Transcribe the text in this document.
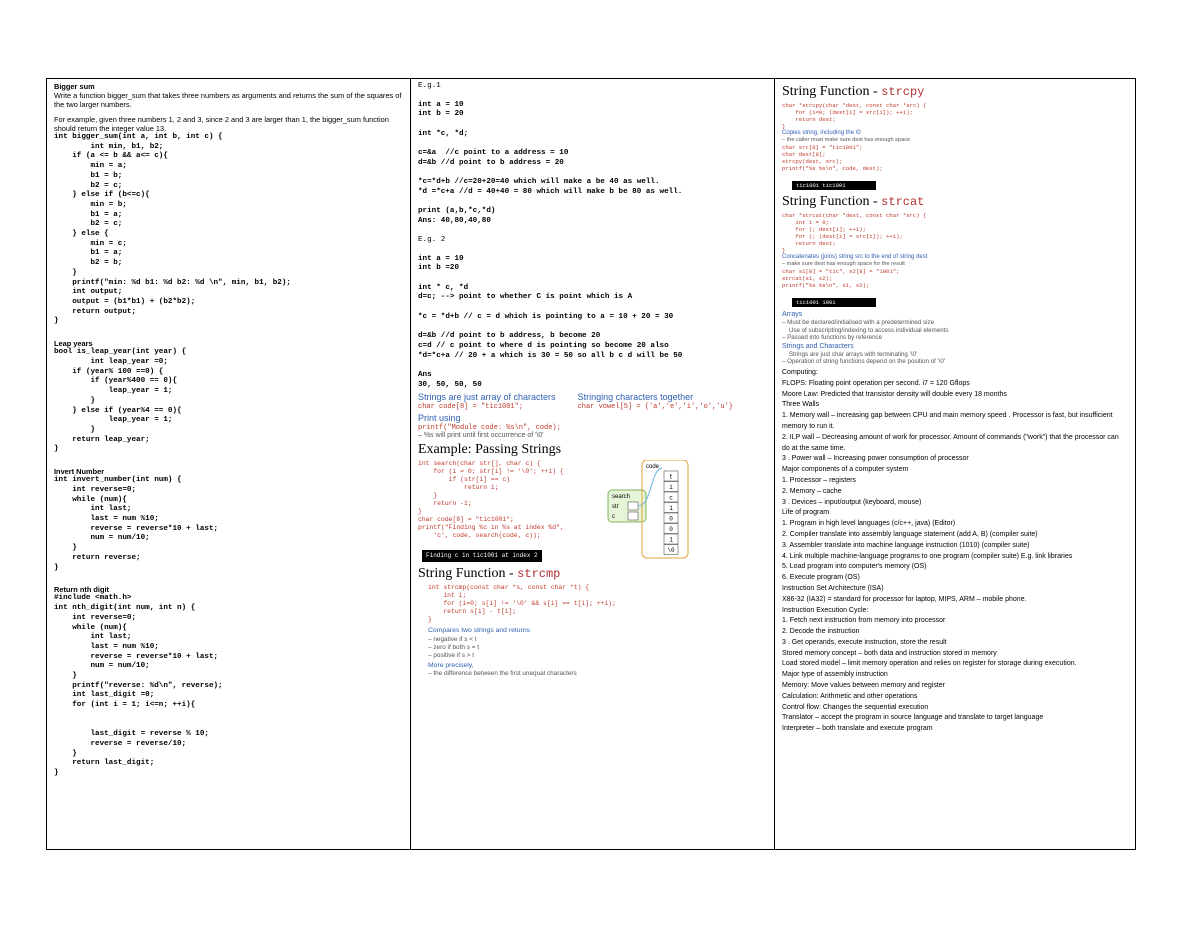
Bigger sum

Write a function bigger_sum that takes three numbers as arguments and returns the sum of the squares of the two larger numbers.

For example, given three numbers 1, 2 and 3, since 2 and 3 are larger than 1, the bigger_sum function should return the integer value 13.

int bigger_sum(int a, int b, int c) {
int min, b1, b2;
if (a <= b && a<= c){
min = a;
b1 = b;
b2 = c;
} else if (b<=c){
min = b;
b1 = a;
b2 = c;
} else {
min = c;
b1 = a;
b2 = b;
}
printf("min: %d b1: %d b2: %d \n", min, b1, b2);
int output;
output = (b1*b1) + (b2*b2);
return output;
}

Leap years

bool is_leap_year(int year) {
int leap_year =0;
if (year% 100 ==0) {
if (year%400 == 0){
leap_year = 1;
}
} else if (year%4 == 0){
leap_year = 1;
}
return leap_year;
}

Invert Number

int invert_number(int num) {
int reverse=0;
while (num){
int last;
last = num %10;
reverse = reverse*10 + last;
num = num/10;
}
return reverse;
}

Return nth digit

#include <math.h>
int nth_digit(int num, int n) {
int reverse=0;
while (num){
int last;
last = num %10;
reverse = reverse*10 + last;
num = num/10;
}
printf("reverse: %d\n", reverse);
int last_digit =0;
for (int i = 1; i<=n; ++i){

last_digit = reverse % 10;
reverse = reverse/10;
}
return last_digit;
}
E.g.1
int a = 10
int b = 20

int *c, *d;

c=&a  //c point to a address = 10
d=&b //d point to b address = 20

*c=*d+b //c=20+20=40 which will make a be 40 as well.
*d =*c+a //d = 40+40 = 80 which will make b be 80 as well.

print (a,b,*c,*d)
Ans: 40,80,40,80
E.g. 2
int a = 10
int b =20

int * c, *d
d=c; --> point to whether C is point which is A

*c = *d+b // c = d which is pointing to a = 10 + 20 = 30

d=&b //d point to b address, b become 20
c=d // c point to where d is pointing so become 20 also
*d=*c+a // 20 + a which is 30 = 50 so all b c d will be 50

Ans
30, 50, 50, 50

Strings are just array of characters

char code[8] = "tic1001";

Stringing characters together

char vowel[5] = {'a','e','i','o','u'}

Print using

printf("Module code: %s\n", code);

– %s will print until first occurrence of '\0'

Example: Passing Strings

int search(char str[], char c) {
for (i = 0; str[i] != '\0'; ++i) {
if (str[i] == c)
return i;
}
return -1;
}
char code[8] = "tic1001";
printf("Finding %c in %s at index %d",
'c', code, search(code, c));
Finding c in tic1001 at index 2
search
str
c
code
t
i
c
1
0
0
1
\0

String Function - strcmp

int strcmp(const char *s, const char *t) {
int i;
for (i=0; s[i] != '\0' && s[i] == t[i]; ++i);
return s[i] - t[i];
}

Compares two strings and returns

– negative if s < t

– zero if both s = t

– positive if s > t

More precisely,

– the difference between the first unequal characters

String Function - strcpy

char *strcpy(char *dest, const char *src) {
for (i=0; (dest[i] = src[i]); ++i);
return dest;
}

Copies string, including the \0

– the caller must make sure dest has enough space

char src[8] = "tic1001";
char dest[8];
strcpy(dest, src);
printf("%s %s\n", code, dest);
tic1001 tic1001

String Function - strcat

char *strcat(char *dest, const char *src) {
int i = 0;
for (; dest[i]; ++i);
for (; (dest[i] = src[i]); ++i);
return dest;
}

Concatenates (joins) string src to the end of string dest

– make sure dest has enough space for the result

char s1[8] = "tic", s2[8] = "1001";
strcat(s1, s2);
printf("%s %s\n", s1, s2);
tic1001 1001

Arrays

– Must be declared/initialised with a predetermined size

Use of subscripting/indexing to access individual elements

– Passed into functions by reference

Strings and Characters

Strings are just char arrays with terminating '\0'

– Operation of string functions depend on the position of '\0'

Computing:

FLOPS: Floating point operation per second. i7 = 120 Gflops

Moore Law: Predicted that transistor density will double every 18 months

Three Walls

1. Memory wall – increasing gap between CPU and main memory speed . Processor is fast, but insufficient memory to run it.

2. ILP wall – Decreasing amount of work for processor. Amount of commands ("work") that the processor can do at the same time.

3 . Power wall – Increasing power consumption of processor

Major components of a computer system

1. Processor – registers

2. Memory – cache

3 . Devices – input/output (keyboard, mouse)

Life of program

1. Program in high level languages (c/c++, java) (Editor)

2. Compiler translate into assembly language statement (add A, B) (compiler suite)

3. Assembler translate into machine language instruction (1010) (compiler suite)

4. Link multiple machine-language programs to one program (compiler suite) E.g. link libraries

5. Load program into computer's memory (OS)

6. Execute program (OS)

Instruction Set Architecture (ISA)

X86-32 (IA32) = standard for processor for laptop, MIPS, ARM – mobile phone.

Instruction Execution Cycle:

1. Fetch next instruction from memory into processor

2. Decode the instruction

3 . Get operands, execute instruction, store the result

Stored memory concept – both data and instruction stored in memory

Load stored model – limit memory operation and relies on register for storage during execution.

Major type of assembly instruction

Memory: Move values between memory and register

Calculation: Arithmetic and other operations

Control flow: Changes the sequential execution

Translator – accept the program in source language and translate to target language

Interpreter – both translate and execute program
